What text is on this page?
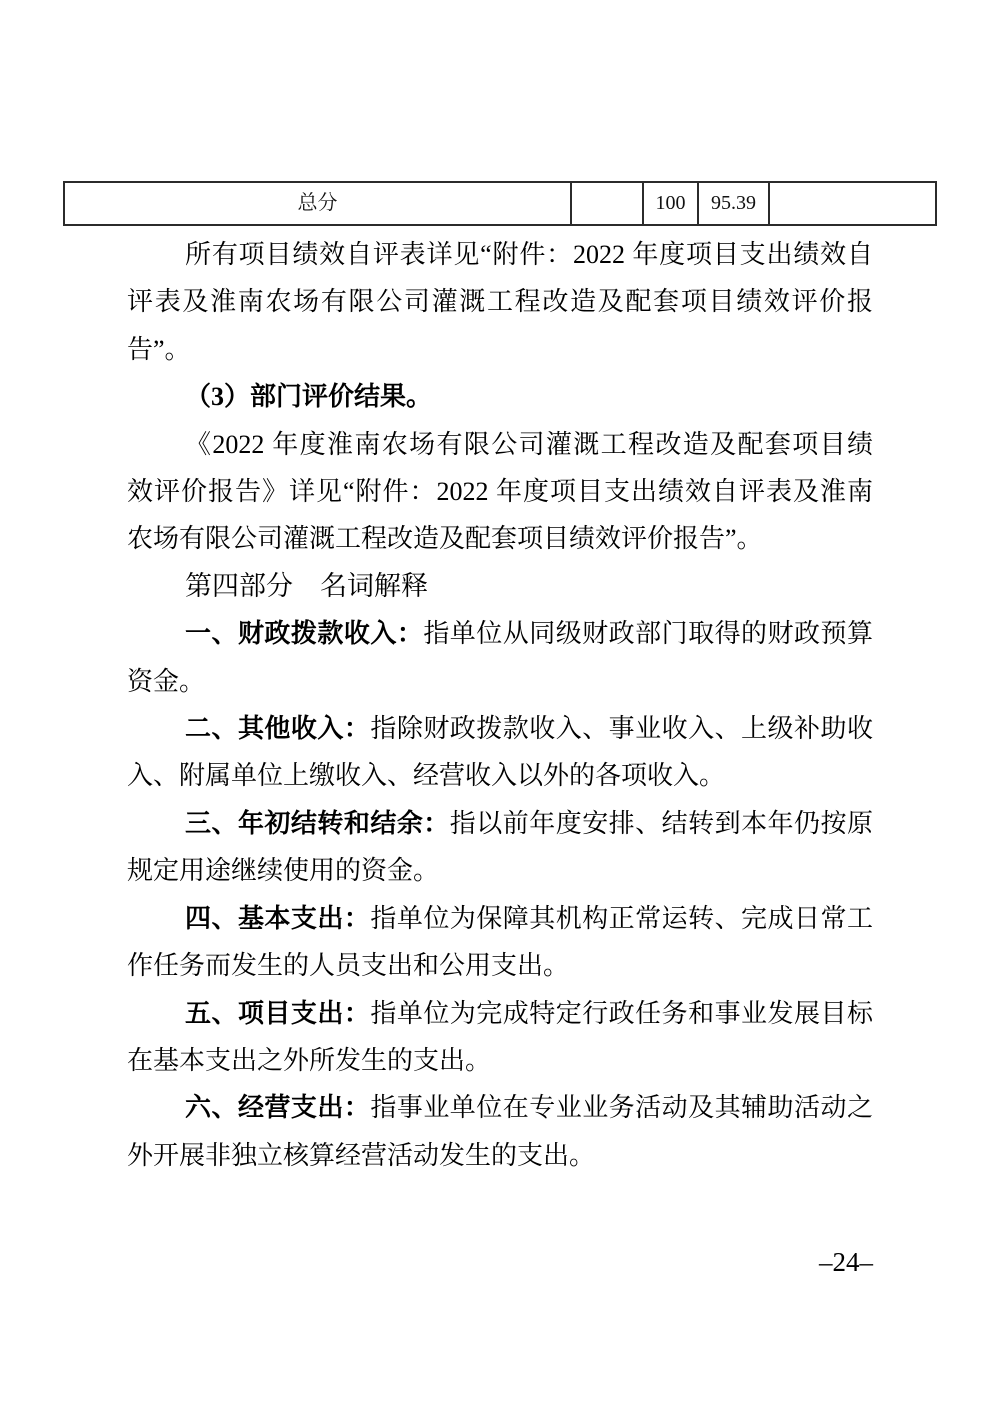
总分	100	95.39
所有项目绩效自评表详见“附件：2022 年度项目支出绩效自
评表及淮南农场有限公司灌溉工程改造及配套项目绩效评价报
告”。
（3）部门评价结果。
《2022 年度淮南农场有限公司灌溉工程改造及配套项目绩
效评价报告》详见“附件：2022 年度项目支出绩效自评表及淮南
农场有限公司灌溉工程改造及配套项目绩效评价报告”。
第四部分　名词解释
一、财政拨款收入：指单位从同级财政部门取得的财政预算
资金。
二、其他收入：指除财政拨款收入、事业收入、上级补助收
入、附属单位上缴收入、经营收入以外的各项收入。
三、年初结转和结余：指以前年度安排、结转到本年仍按原
规定用途继续使用的资金。
四、基本支出：指单位为保障其机构正常运转、完成日常工
作任务而发生的人员支出和公用支出。
五、项目支出：指单位为完成特定行政任务和事业发展目标
在基本支出之外所发生的支出。
六、经营支出：指事业单位在专业业务活动及其辅助活动之
外开展非独立核算经营活动发生的支出。
–24–
